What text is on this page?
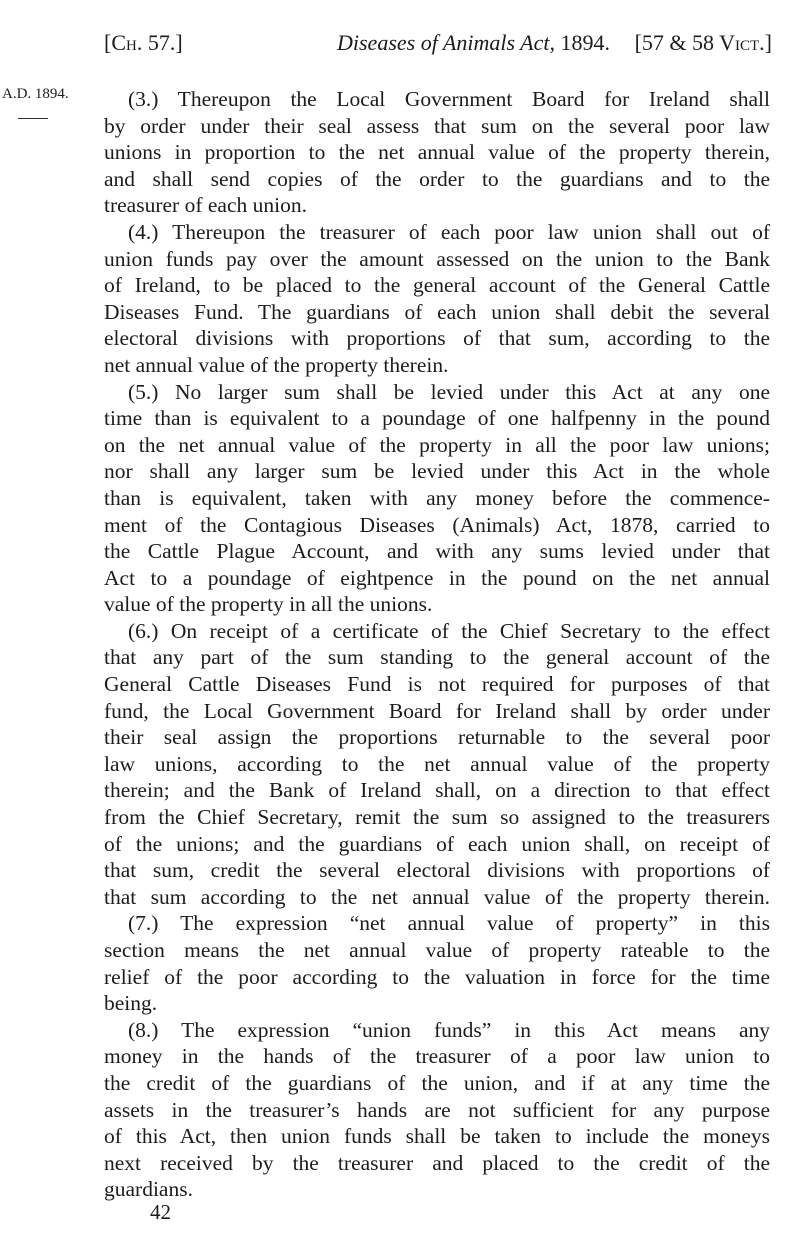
[Ch. 57.]	Diseases of Animals Act, 1894.	[57 & 58 Vict.]
A.D. 1894.	(3.) Thereupon the Local Government Board for Ireland shall
by order under their seal assess that sum on the several poor law
unions in proportion to the net annual value of the property therein,
and shall send copies of the order to the guardians and to the
treasurer of each union.
(4.) Thereupon the treasurer of each poor law union shall out of
union funds pay over the amount assessed on the union to the Bank
of Ireland, to be placed to the general account of the General Cattle
Diseases Fund. The guardians of each union shall debit the several
electoral divisions with proportions of that sum, according to the
net annual value of the property therein.
(5.) No larger sum shall be levied under this Act at any one
time than is equivalent to a poundage of one halfpenny in the pound
on the net annual value of the property in all the poor law unions;
nor shall any larger sum be levied under this Act in the whole
than is equivalent, taken with any money before the commence-
ment of the Contagious Diseases (Animals) Act, 1878, carried to
the Cattle Plague Account, and with any sums levied under that
Act to a poundage of eightpence in the pound on the net annual
value of the property in all the unions.
(6.) On receipt of a certificate of the Chief Secretary to the effect
that any part of the sum standing to the general account of the
General Cattle Diseases Fund is not required for purposes of that
fund, the Local Government Board for Ireland shall by order under
their seal assign the proportions returnable to the several poor
law unions, according to the net annual value of the property
therein; and the Bank of Ireland shall, on a direction to that effect
from the Chief Secretary, remit the sum so assigned to the treasurers
of the unions; and the guardians of each union shall, on receipt of
that sum, credit the several electoral divisions with proportions of
that sum according to the net annual value of the property therein.
(7.) The expression “net annual value of property” in this
section means the net annual value of property rateable to the
relief of the poor according to the valuation in force for the time
being.
(8.) The expression “union funds” in this Act means any
money in the hands of the treasurer of a poor law union to
the credit of the guardians of the union, and if at any time the
assets in the treasurer’s hands are not sufficient for any purpose
of this Act, then union funds shall be taken to include the moneys
next received by the treasurer and placed to the credit of the
guardians.
42
